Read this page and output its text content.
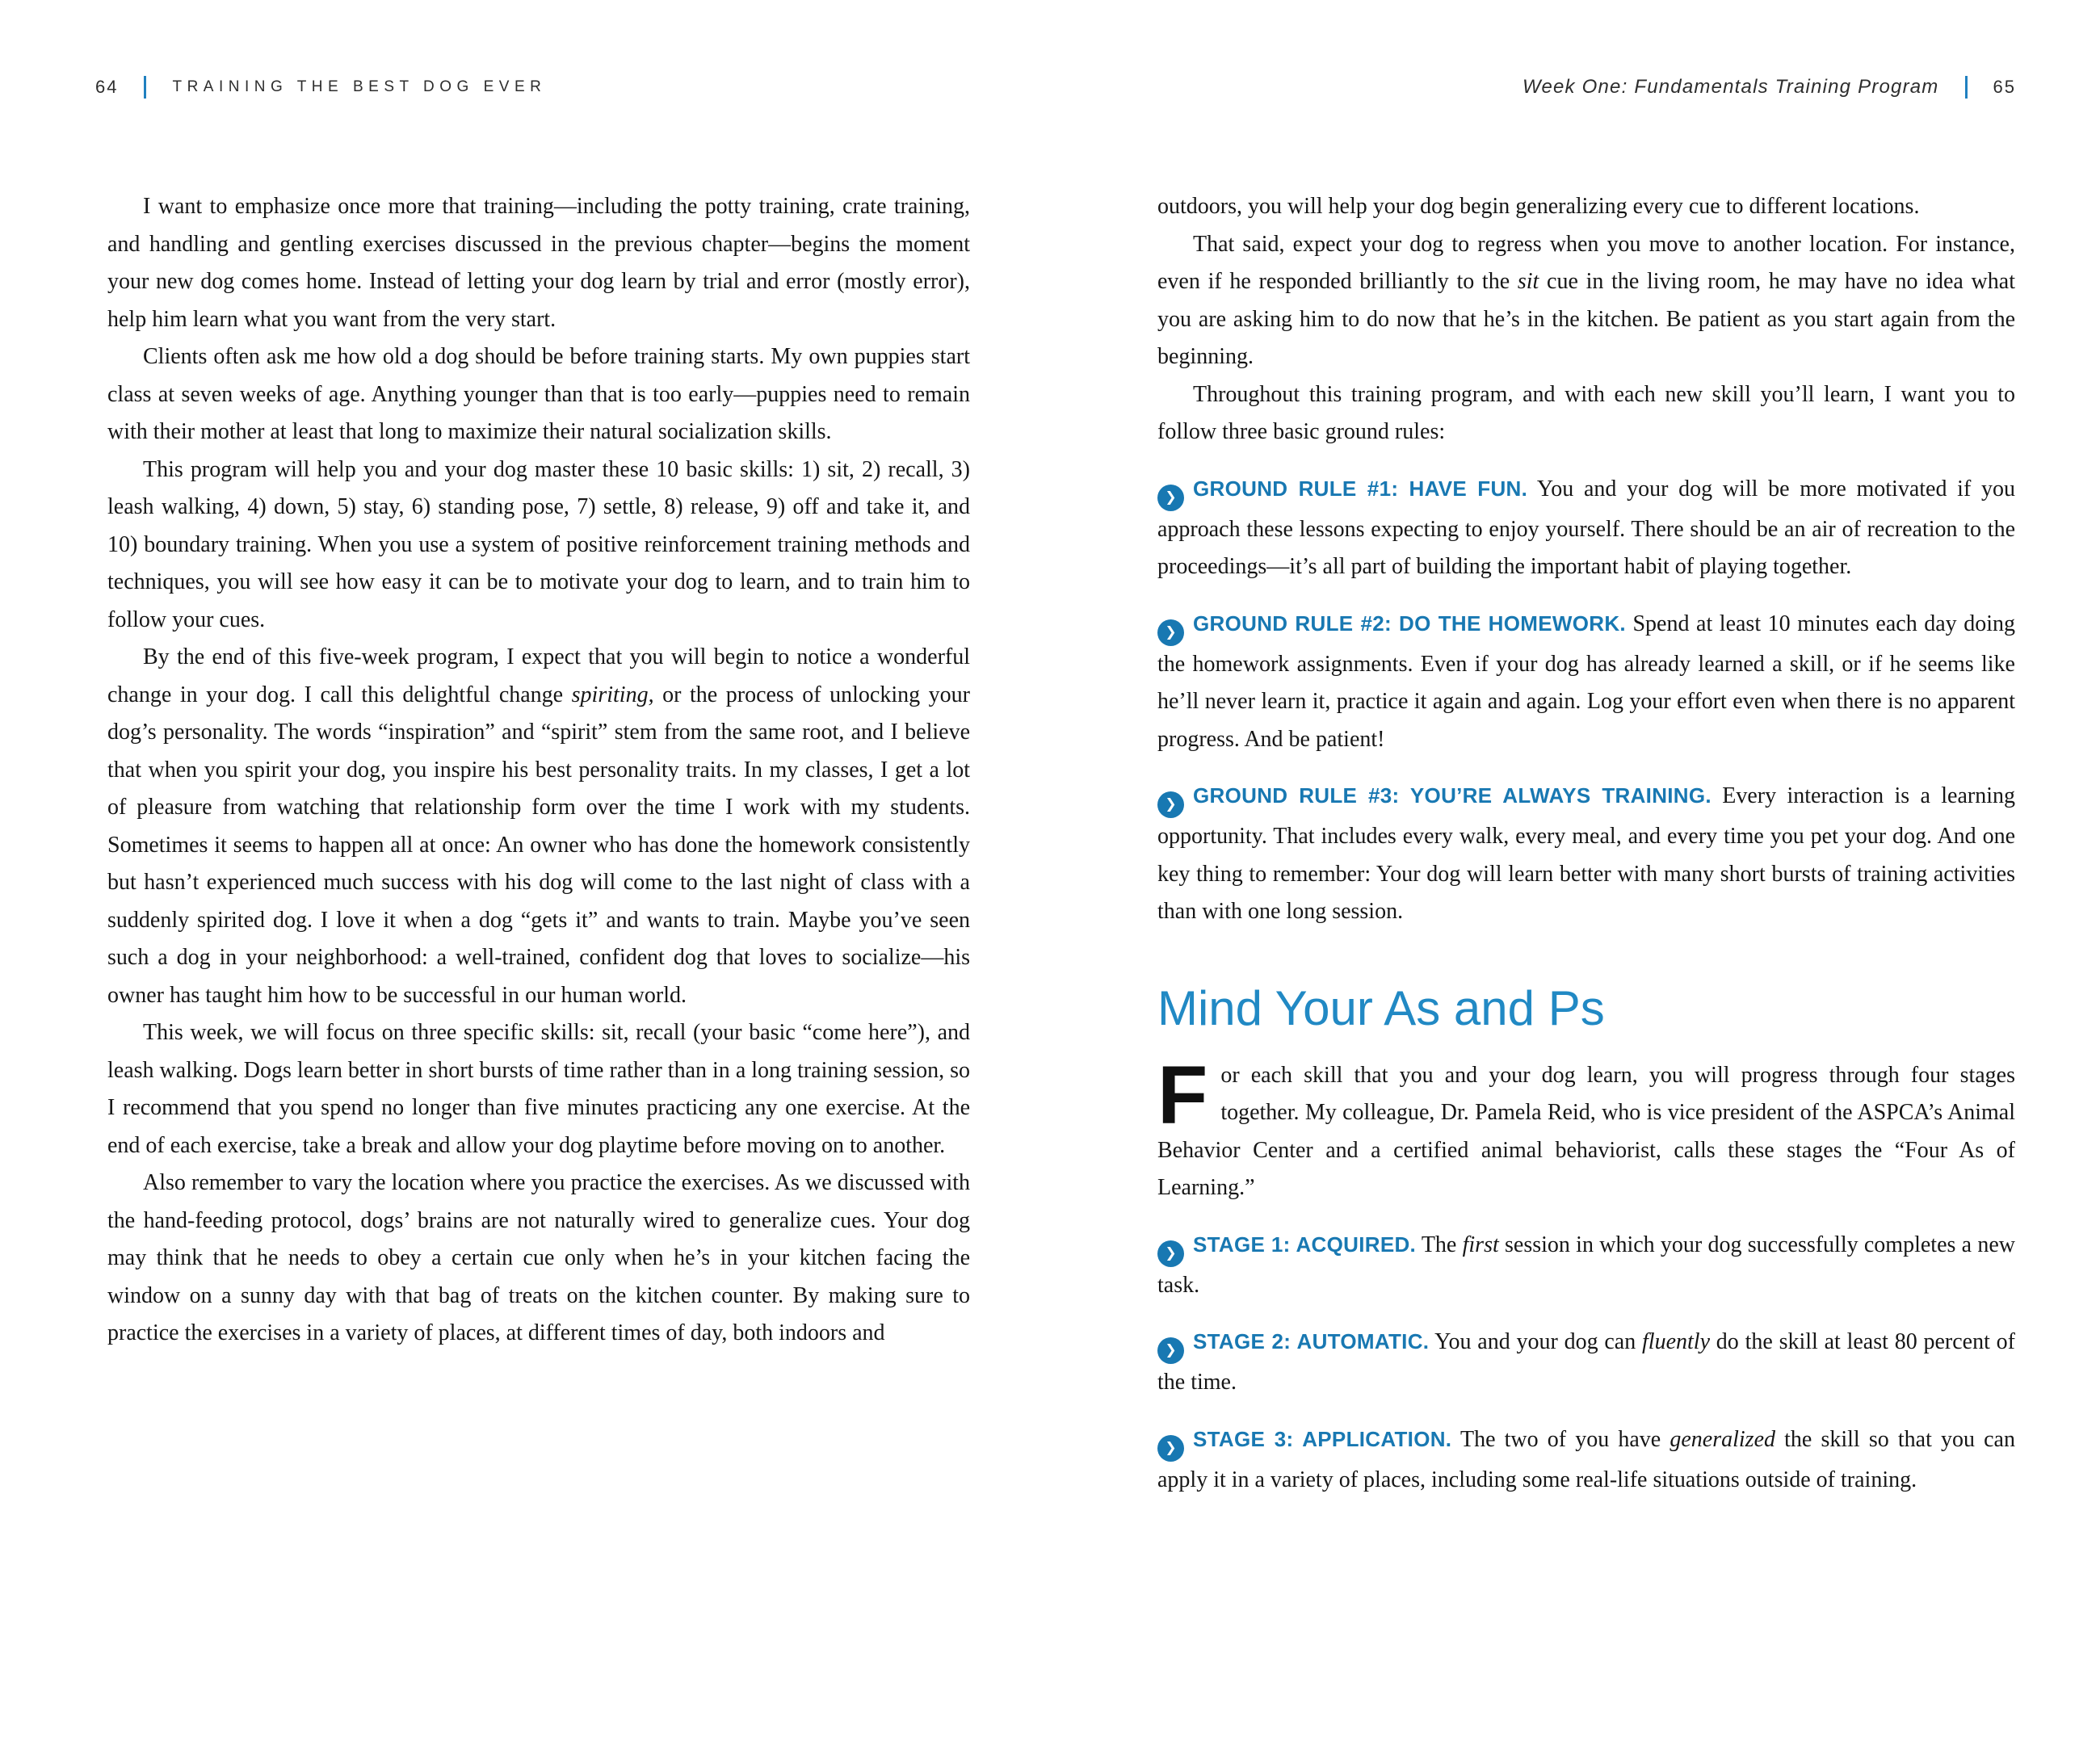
64	TRAINING THE BEST DOG EVER	Week One: Fundamentals Training Program	65

I want to emphasize once more that training—including the potty training, crate training, and handling and gentling exercises discussed in the previous chapter—begins the moment your new dog comes home. Instead of letting your dog learn by trial and error (mostly error), help him learn what you want from the very start.

Clients often ask me how old a dog should be before training starts. My own puppies start class at seven weeks of age. Anything younger than that is too early—puppies need to remain with their mother at least that long to maximize their natural socialization skills.

This program will help you and your dog master these 10 basic skills: 1) sit, 2) recall, 3) leash walking, 4) down, 5) stay, 6) standing pose, 7) settle, 8) release, 9) off and take it, and 10) boundary training. When you use a system of positive reinforcement training methods and techniques, you will see how easy it can be to motivate your dog to learn, and to train him to follow your cues.

By the end of this five-week program, I expect that you will begin to notice a wonderful change in your dog. I call this delightful change spiriting, or the process of unlocking your dog’s personality. The words “inspiration” and “spirit” stem from the same root, and I believe that when you spirit your dog, you inspire his best personality traits. In my classes, I get a lot of pleasure from watching that relationship form over the time I work with my students. Sometimes it seems to happen all at once: An owner who has done the homework consistently but hasn’t experienced much success with his dog will come to the last night of class with a suddenly spirited dog. I love it when a dog “gets it” and wants to train. Maybe you’ve seen such a dog in your neighborhood: a well-trained, confident dog that loves to socialize—his owner has taught him how to be successful in our human world.

This week, we will focus on three specific skills: sit, recall (your basic “come here”), and leash walking. Dogs learn better in short bursts of time rather than in a long training session, so I recommend that you spend no longer than five minutes practicing any one exercise. At the end of each exercise, take a break and allow your dog playtime before moving on to another.

Also remember to vary the location where you practice the exercises. As we discussed with the hand-feeding protocol, dogs’ brains are not naturally wired to generalize cues. Your dog may think that he needs to obey a certain cue only when he’s in your kitchen facing the window on a sunny day with that bag of treats on the kitchen counter. By making sure to practice the exercises in a variety of places, at different times of day, both indoors and

outdoors, you will help your dog begin generalizing every cue to different locations.

That said, expect your dog to regress when you move to another location. For instance, even if he responded brilliantly to the sit cue in the living room, he may have no idea what you are asking him to do now that he’s in the kitchen. Be patient as you start again from the beginning.

Throughout this training program, and with each new skill you’ll learn, I want you to follow three basic ground rules:

❯ GROUND RULE #1: HAVE FUN. You and your dog will be more motivated if you approach these lessons expecting to enjoy yourself. There should be an air of recreation to the proceedings—it’s all part of building the important habit of playing together.

❯ GROUND RULE #2: DO THE HOMEWORK. Spend at least 10 minutes each day doing the homework assignments. Even if your dog has already learned a skill, or if he seems like he’ll never learn it, practice it again and again. Log your effort even when there is no apparent progress. And be patient!

❯ GROUND RULE #3: YOU’RE ALWAYS TRAINING. Every interaction is a learning opportunity. That includes every walk, every meal, and every time you pet your dog. And one key thing to remember: Your dog will learn better with many short bursts of training activities than with one long session.

Mind Your As and Ps

For each skill that you and your dog learn, you will progress through four stages together. My colleague, Dr. Pamela Reid, who is vice president of the ASPCA’s Animal Behavior Center and a certified animal behaviorist, calls these stages the “Four As of Learning.”

❯ STAGE 1: ACQUIRED. The first session in which your dog successfully completes a new task.

❯ STAGE 2: AUTOMATIC. You and your dog can fluently do the skill at least 80 percent of the time.

❯ STAGE 3: APPLICATION. The two of you have generalized the skill so that you can apply it in a variety of places, including some real-life situations outside of training.
